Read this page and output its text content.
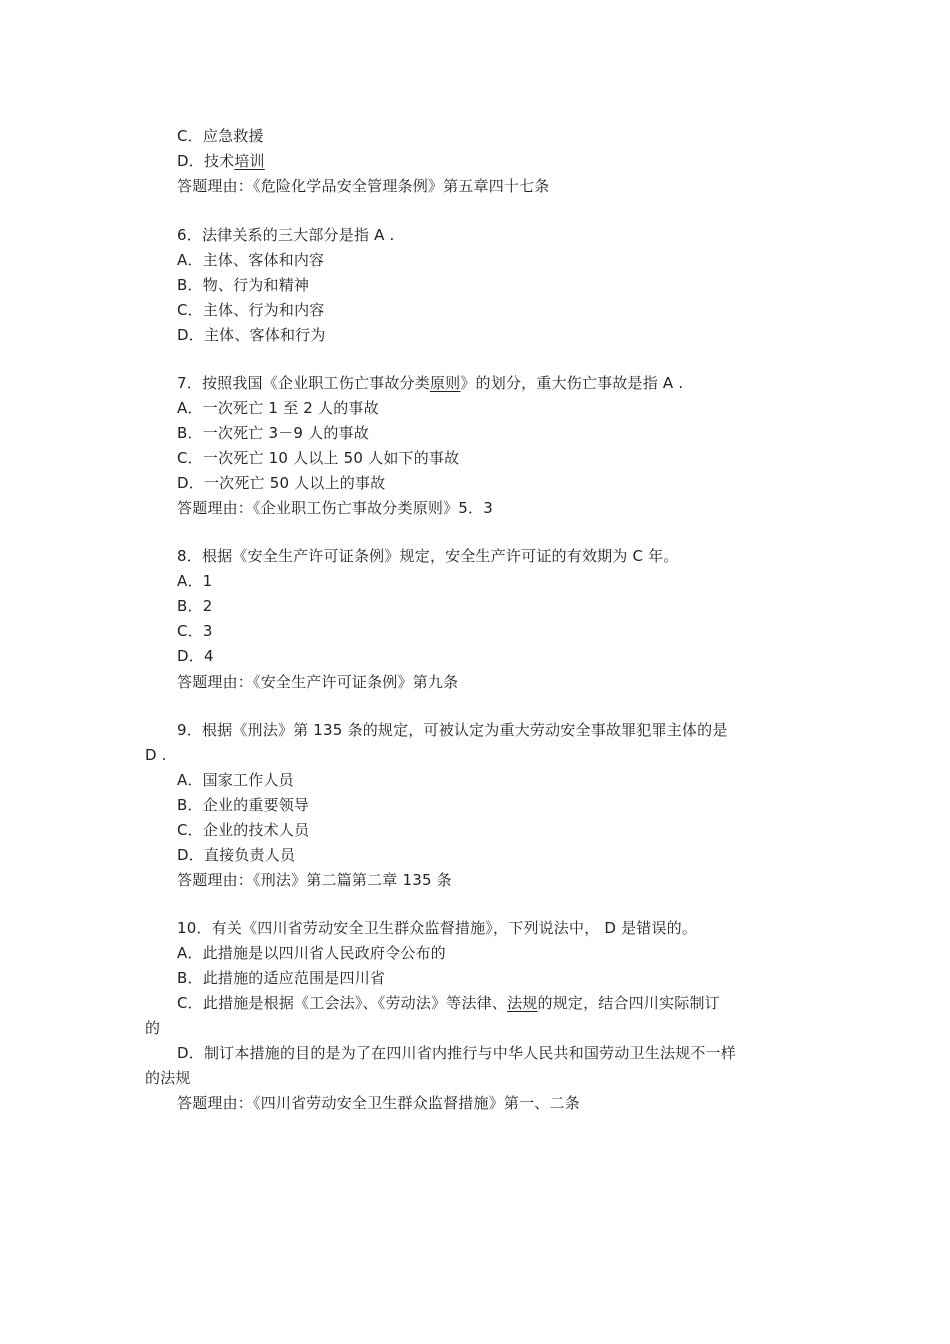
C．应急救援
D．技术培训
答题理由：《危险化学品安全管理条例》第五章四十七条
6．法律关系的三大部分是指 A .
A．主体、客体和内容
B．物、行为和精神
C．主体、行为和内容
D．主体、客体和行为
7．按照我国《企业职工伤亡事故分类原则》的划分，重大伤亡事故是指 A .
A．一次死亡 1 至 2 人的事故
B．一次死亡 3－9 人的事故
C．一次死亡 10 人以上 50 人如下的事故
D．一次死亡 50 人以上的事故
答题理由：《企业职工伤亡事故分类原则》5．3
8．根据《安全生产许可证条例》规定，安全生产许可证的有效期为 C 年。
A．1
B．2
C．3
D．4
答题理由：《安全生产许可证条例》第九条
9．根据《刑法》第 135 条的规定，可被认定为重大劳动安全事故罪犯罪主体的是
D .
A．国家工作人员
B．企业的重要领导
C．企业的技术人员
D．直接负责人员
答题理由：《刑法》第二篇第二章 135 条
10．有关《四川省劳动安全卫生群众监督措施》，下列说法中， D 是错误的。
A．此措施是以四川省人民政府令公布的
B．此措施的适应范围是四川省
C．此措施是根据《工会法》、《劳动法》等法律、法规的规定，结合四川实际制订
的
D．制订本措施的目的是为了在四川省内推行与中华人民共和国劳动卫生法规不一样
的法规
答题理由：《四川省劳动安全卫生群众监督措施》第一、二条
